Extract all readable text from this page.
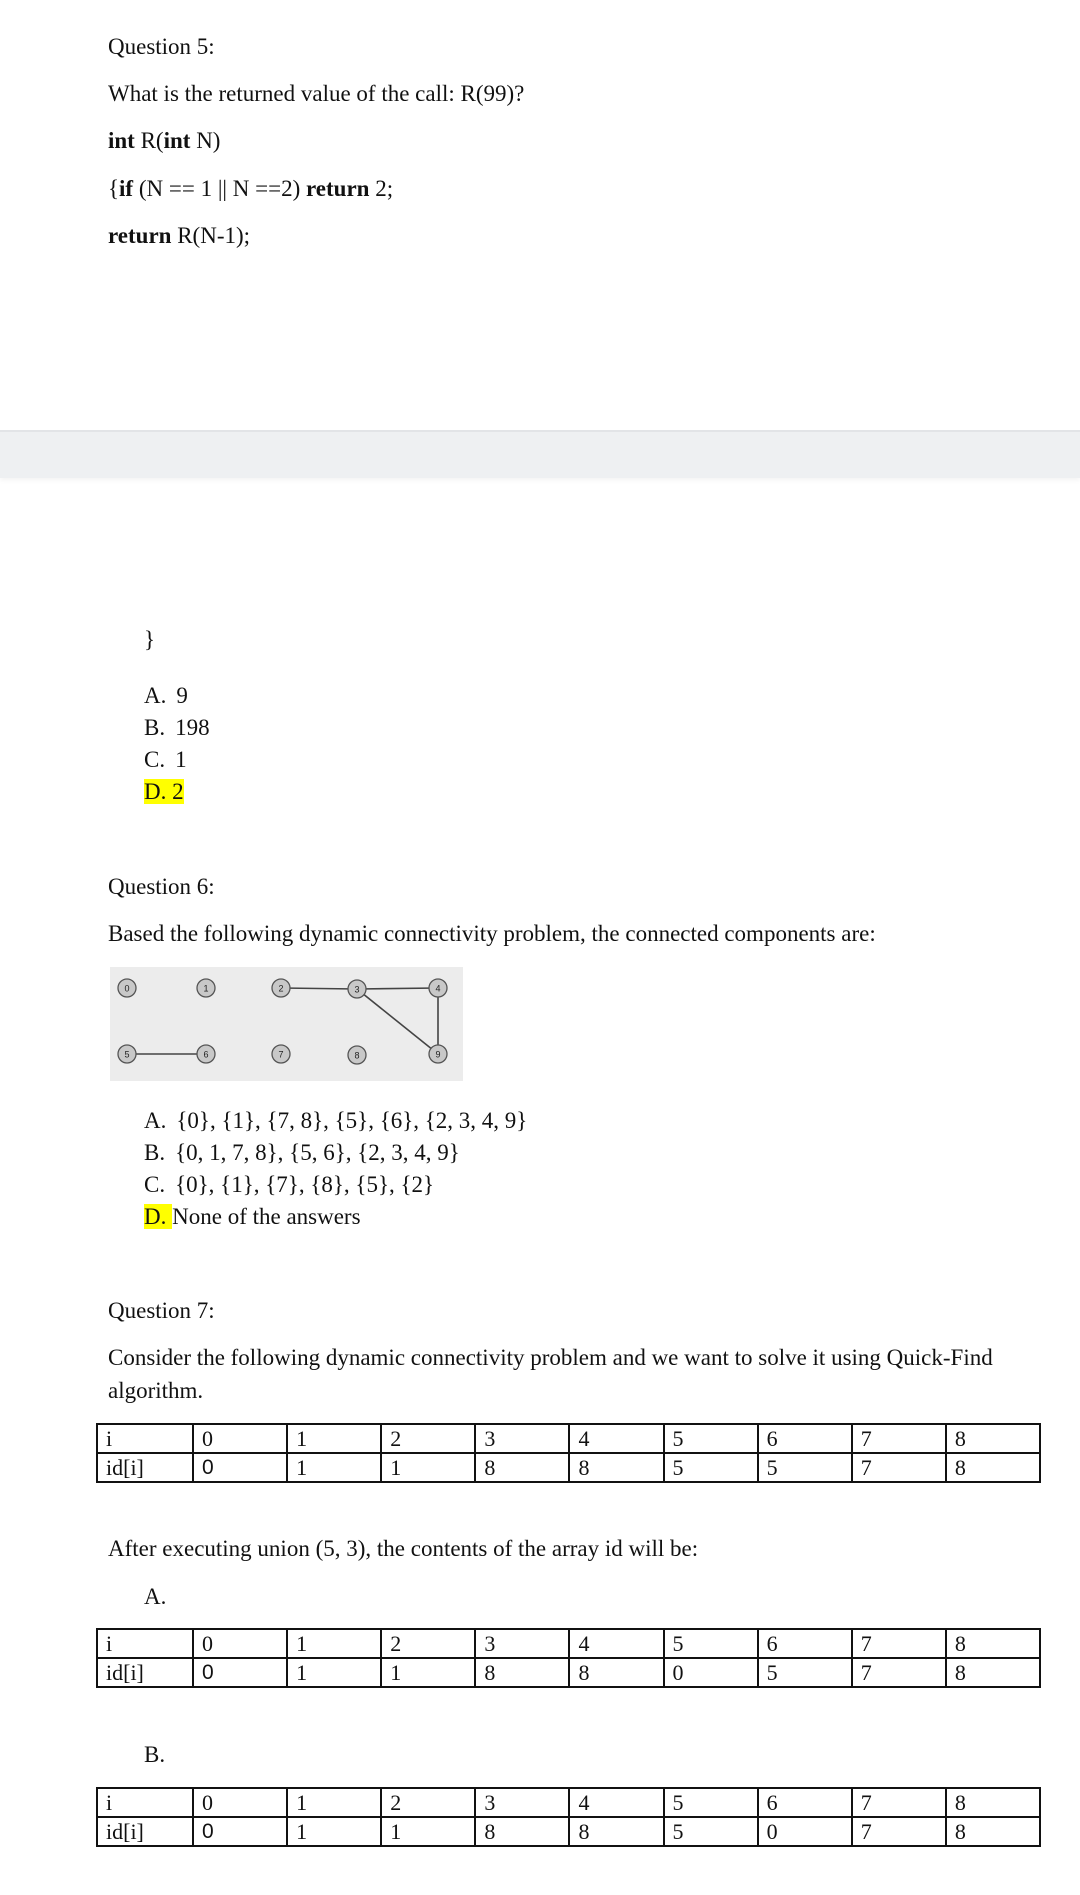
Question 5:
What is the returned value of the call: R(99)?
int R(int N)
{if (N == 1 || N ==2) return 2;
return R(N-1);
}
A. 9
B. 198
C. 1
D. 2
Question 6:
Based the following dynamic connectivity problem, the connected components are:
0	1	2	3	4
5	6	7	8	9
A. {0}, {1}, {7, 8}, {5}, {6}, {2, 3, 4, 9}
B. {0, 1, 7, 8}, {5, 6}, {2, 3, 4, 9}
C. {0}, {1}, {7}, {8}, {5}, {2}
D. None of the answers
Question 7:
Consider the following dynamic connectivity problem and we want to solve it using Quick-Find
algorithm.
i	0	1	2	3	4	5	6	7	8
id[i]	0	1	1	8	8	5	5	7	8
After executing union (5, 3), the contents of the array id will be:
A.
i	0	1	2	3	4	5	6	7	8
id[i]	0	1	1	8	8	0	5	7	8
B.
i	0	1	2	3	4	5	6	7	8
id[i]	0	1	1	8	8	5	0	7	8
